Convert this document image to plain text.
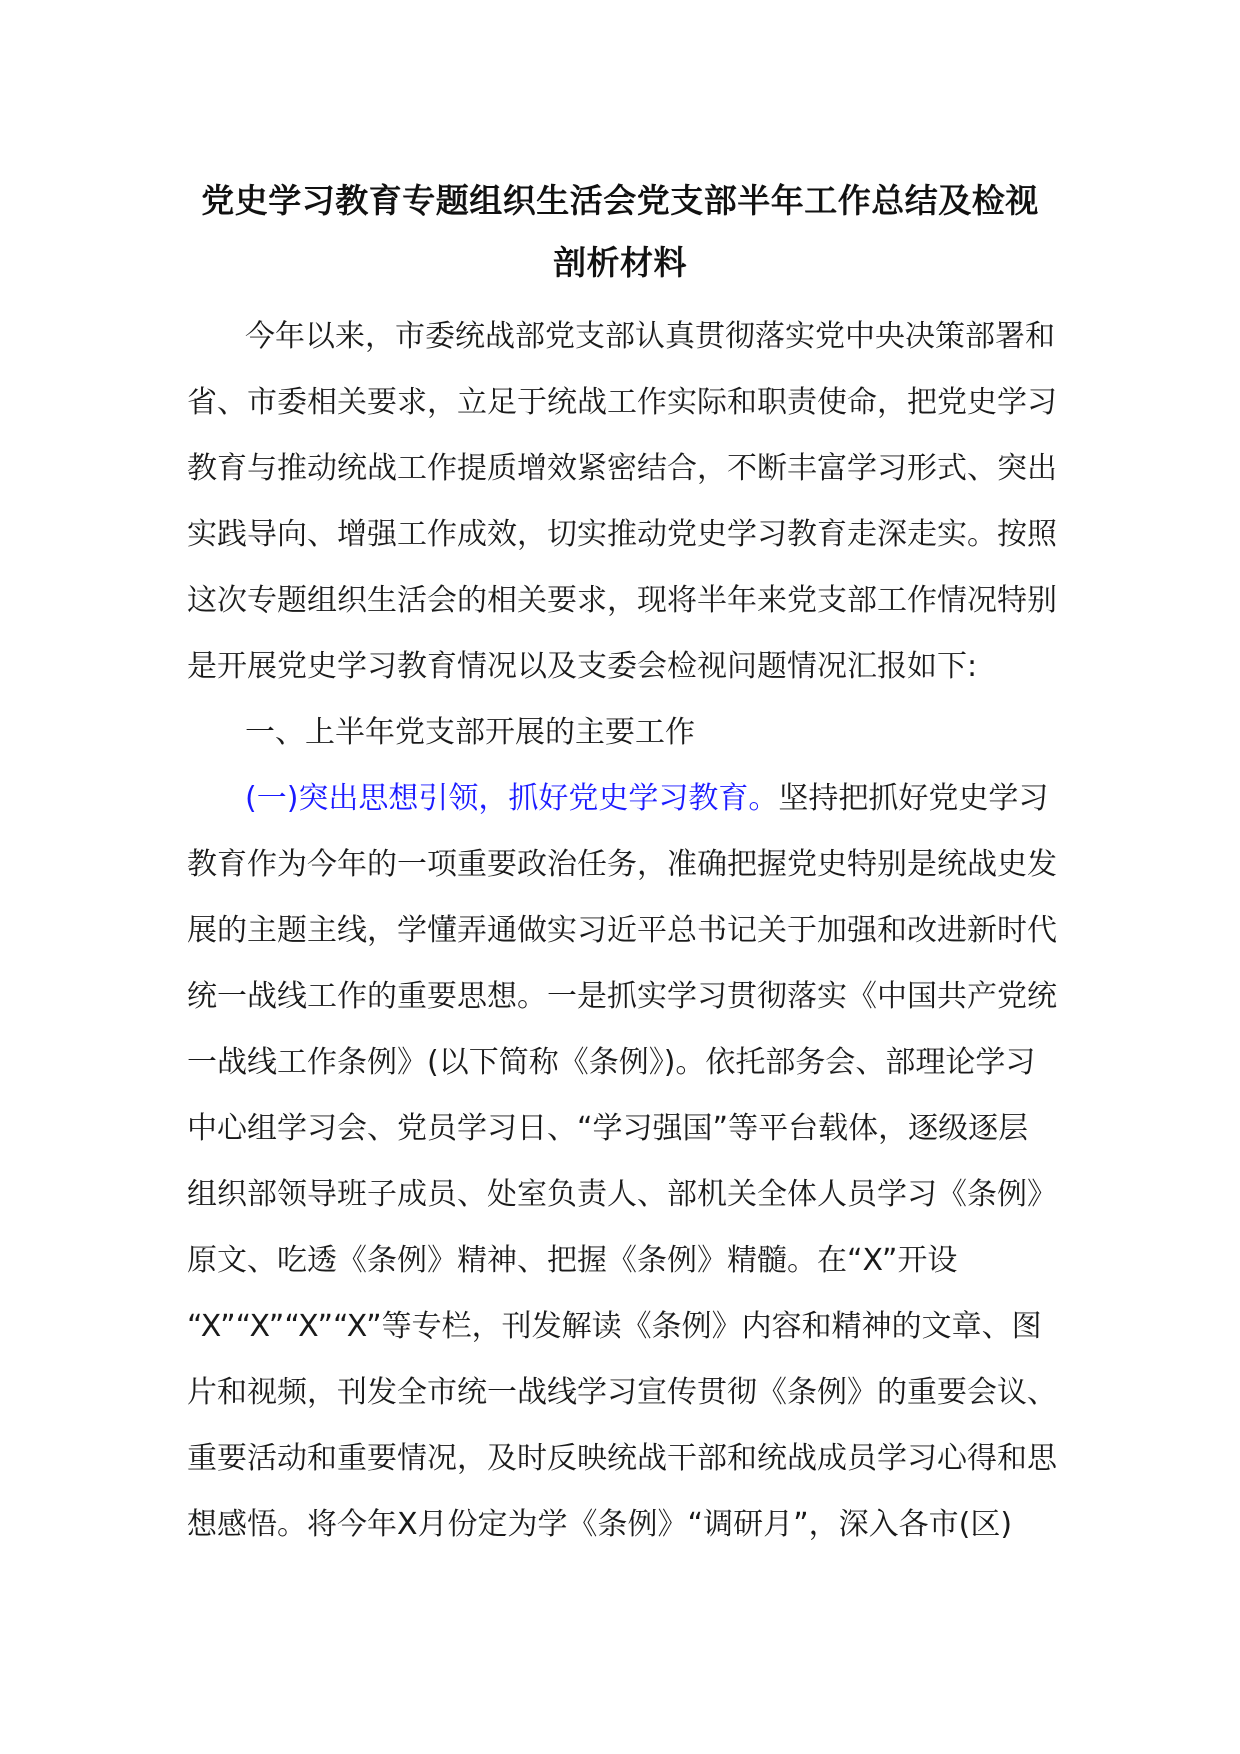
党史学习教育专题组织生活会党支部半年工作总结及检视
剖析材料
今年以来，市委统战部党支部认真贯彻落实党中央决策部署和
省、市委相关要求，立足于统战工作实际和职责使命，把党史学习
教育与推动统战工作提质增效紧密结合，不断丰富学习形式、突出
实践导向、增强工作成效，切实推动党史学习教育走深走实。按照
这次专题组织生活会的相关要求，现将半年来党支部工作情况特别
是开展党史学习教育情况以及支委会检视问题情况汇报如下:
一、上半年党支部开展的主要工作
(一)突出思想引领，抓好党史学习教育。坚持把抓好党史学习
教育作为今年的一项重要政治任务，准确把握党史特别是统战史发
展的主题主线，学懂弄通做实习近平总书记关于加强和改进新时代
统一战线工作的重要思想。一是抓实学习贯彻落实《中国共产党统
一战线工作条例》(以下简称《条例》)。依托部务会、部理论学习
中心组学习会、党员学习日、“学习强国”等平台载体，逐级逐层
组织部领导班子成员、处室负责人、部机关全体人员学习《条例》
原文、吃透《条例》精神、把握《条例》精髓。在“X”开设
“X”“X”“X”“X”等专栏，刊发解读《条例》内容和精神的文章、图
片和视频，刊发全市统一战线学习宣传贯彻《条例》的重要会议、
重要活动和重要情况，及时反映统战干部和统战成员学习心得和思
想感悟。将今年X月份定为学《条例》“调研月”，深入各市(区)
